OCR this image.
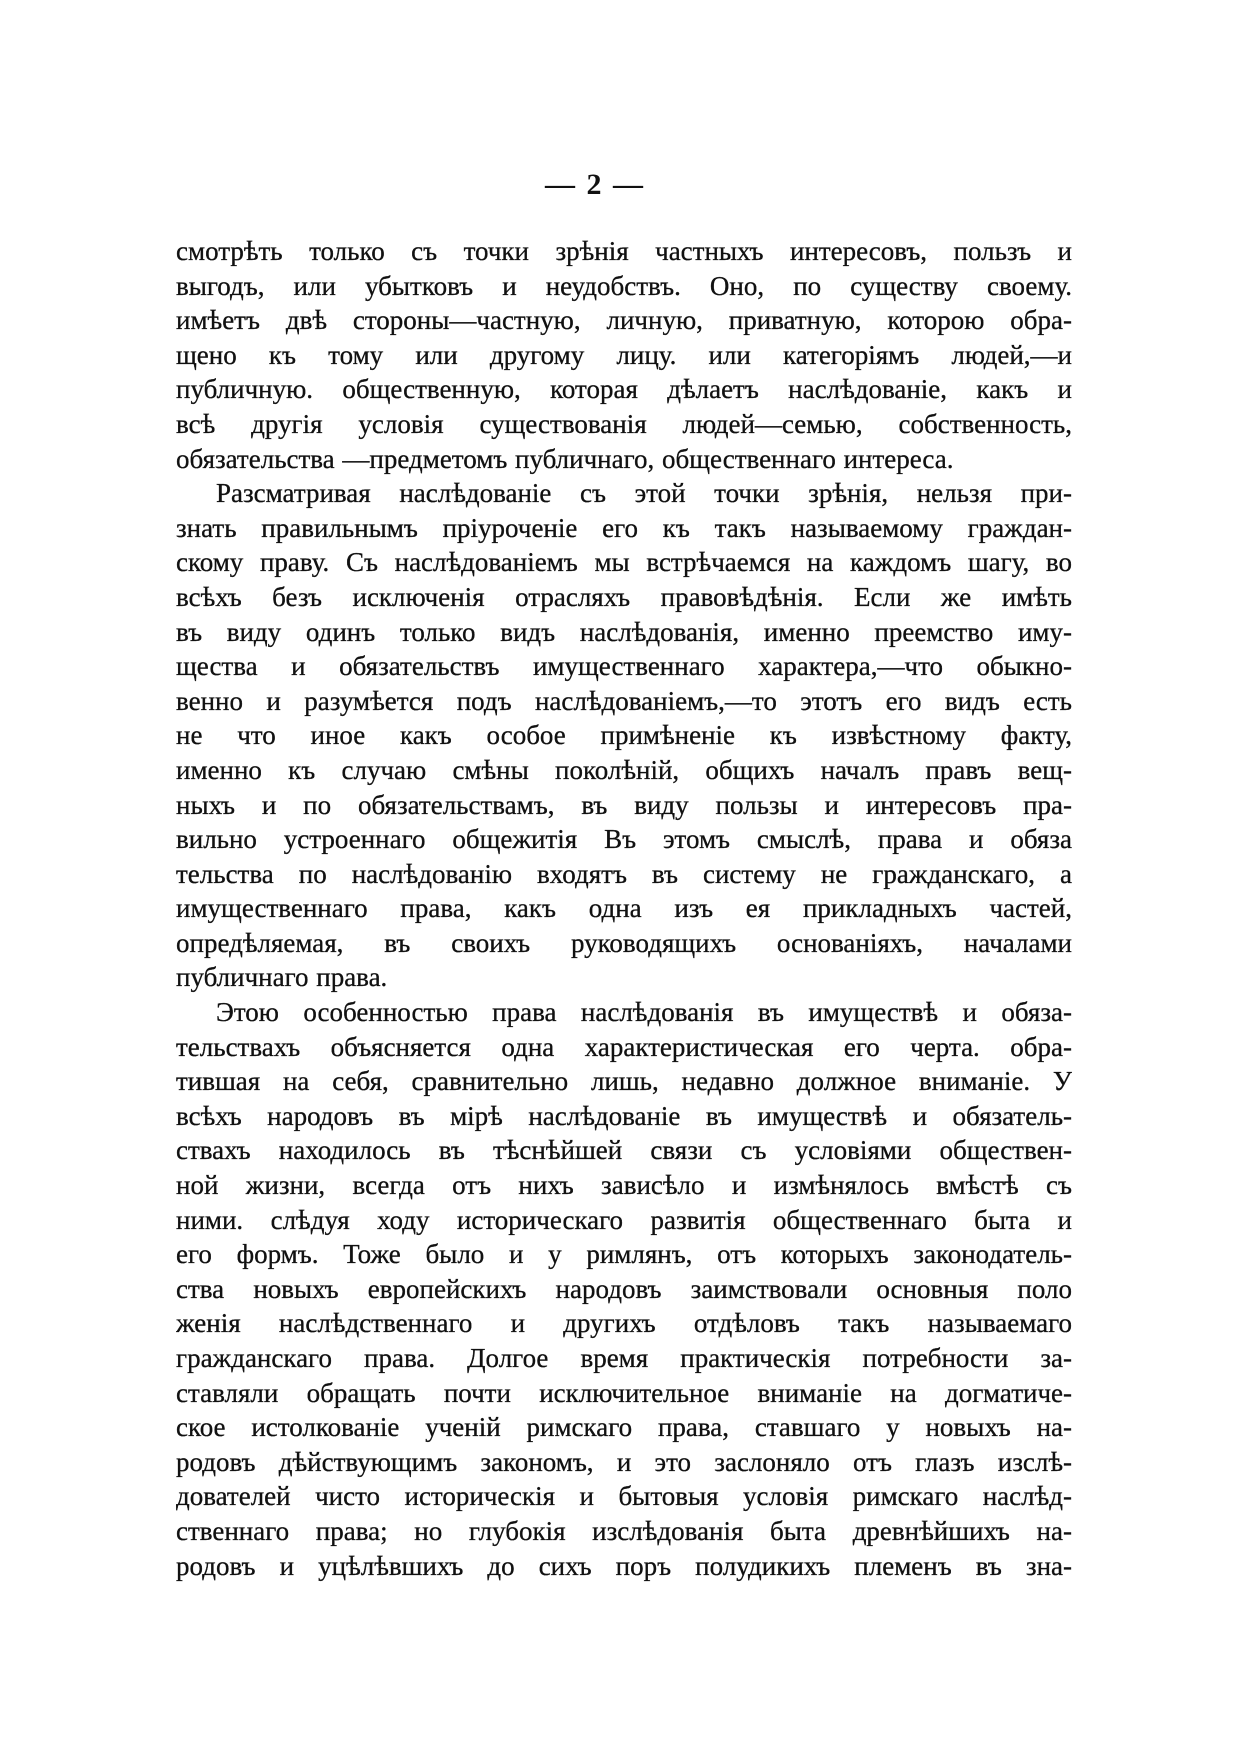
— 2 —
смотрѣть только съ точки зрѣнія частныхъ интересовъ, пользъ и
выгодъ, или убытковъ и неудобствъ. Оно, по существу своему.
имѣетъ двѣ стороны—частную, личную, приватную, которою обра-
щено къ тому или другому лицу. или категоріямъ людей,—и
публичную. общественную, которая дѣлаетъ наслѣдованіе, какъ и
всѣ другія условія существованія людей—семью, собственность,
обязательства —предметомъ публичнаго, общественнаго интереса.
Разсматривая наслѣдованіе съ этой точки зрѣнія, нельзя при-
знать правильнымъ пріуроченіе его къ такъ называемому граждан-
скому праву. Съ наслѣдованіемъ мы встрѣчаемся на каждомъ шагу, во
всѣхъ безъ исключенія отрасляхъ правовѣдѣнія. Если же имѣть
въ виду одинъ только видъ наслѣдованія, именно преемство иму-
щества и обязательствъ имущественнаго характера,—что обыкно-
венно и разумѣется подъ наслѣдованіемъ,—то этотъ его видъ есть
не что иное какъ особое примѣненіе къ извѣстному факту,
именно къ случаю смѣны поколѣній, общихъ началъ правъ вещ-
ныхъ и по обязательствамъ, въ виду пользы и интересовъ пра-
вильно устроеннаго общежитія Въ этомъ смыслѣ, права и обяза
тельства по наслѣдованію входятъ въ систему не гражданскаго, а
имущественнаго права, какъ одна изъ ея прикладныхъ частей,
опредѣляемая, въ своихъ руководящихъ основаніяхъ, началами
публичнаго права.
Этою особенностью права наслѣдованія въ имуществѣ и обяза-
тельствахъ объясняется одна характеристическая его черта. обра-
тившая на себя, сравнительно лишь, недавно должное вниманіе. У
всѣхъ народовъ въ мірѣ наслѣдованіе въ имуществѣ и обязатель-
ствахъ находилось въ тѣснѣйшей связи съ условіями обществен-
ной жизни, всегда отъ нихъ зависѣло и измѣнялось вмѣстѣ съ
ними. слѣдуя ходу историческаго развитія общественнаго быта и
его формъ. Тоже было и у римлянъ, отъ которыхъ законодатель-
ства новыхъ европейскихъ народовъ заимствовали основныя поло
женія наслѣдственнаго и другихъ отдѣловъ такъ называемаго
гражданскаго права. Долгое время практическія потребности за-
ставляли обращать почти исключительное вниманіе на догматиче-
ское истолкованіе ученій римскаго права, ставшаго у новыхъ на-
родовъ дѣйствующимъ закономъ, и это заслоняло отъ глазъ изслѣ-
дователей чисто историческія и бытовыя условія римскаго наслѣд-
ственнаго права; но глубокія изслѣдованія быта древнѣйшихъ на-
родовъ и уцѣлѣвшихъ до сихъ поръ полудикихъ племенъ въ зна-
